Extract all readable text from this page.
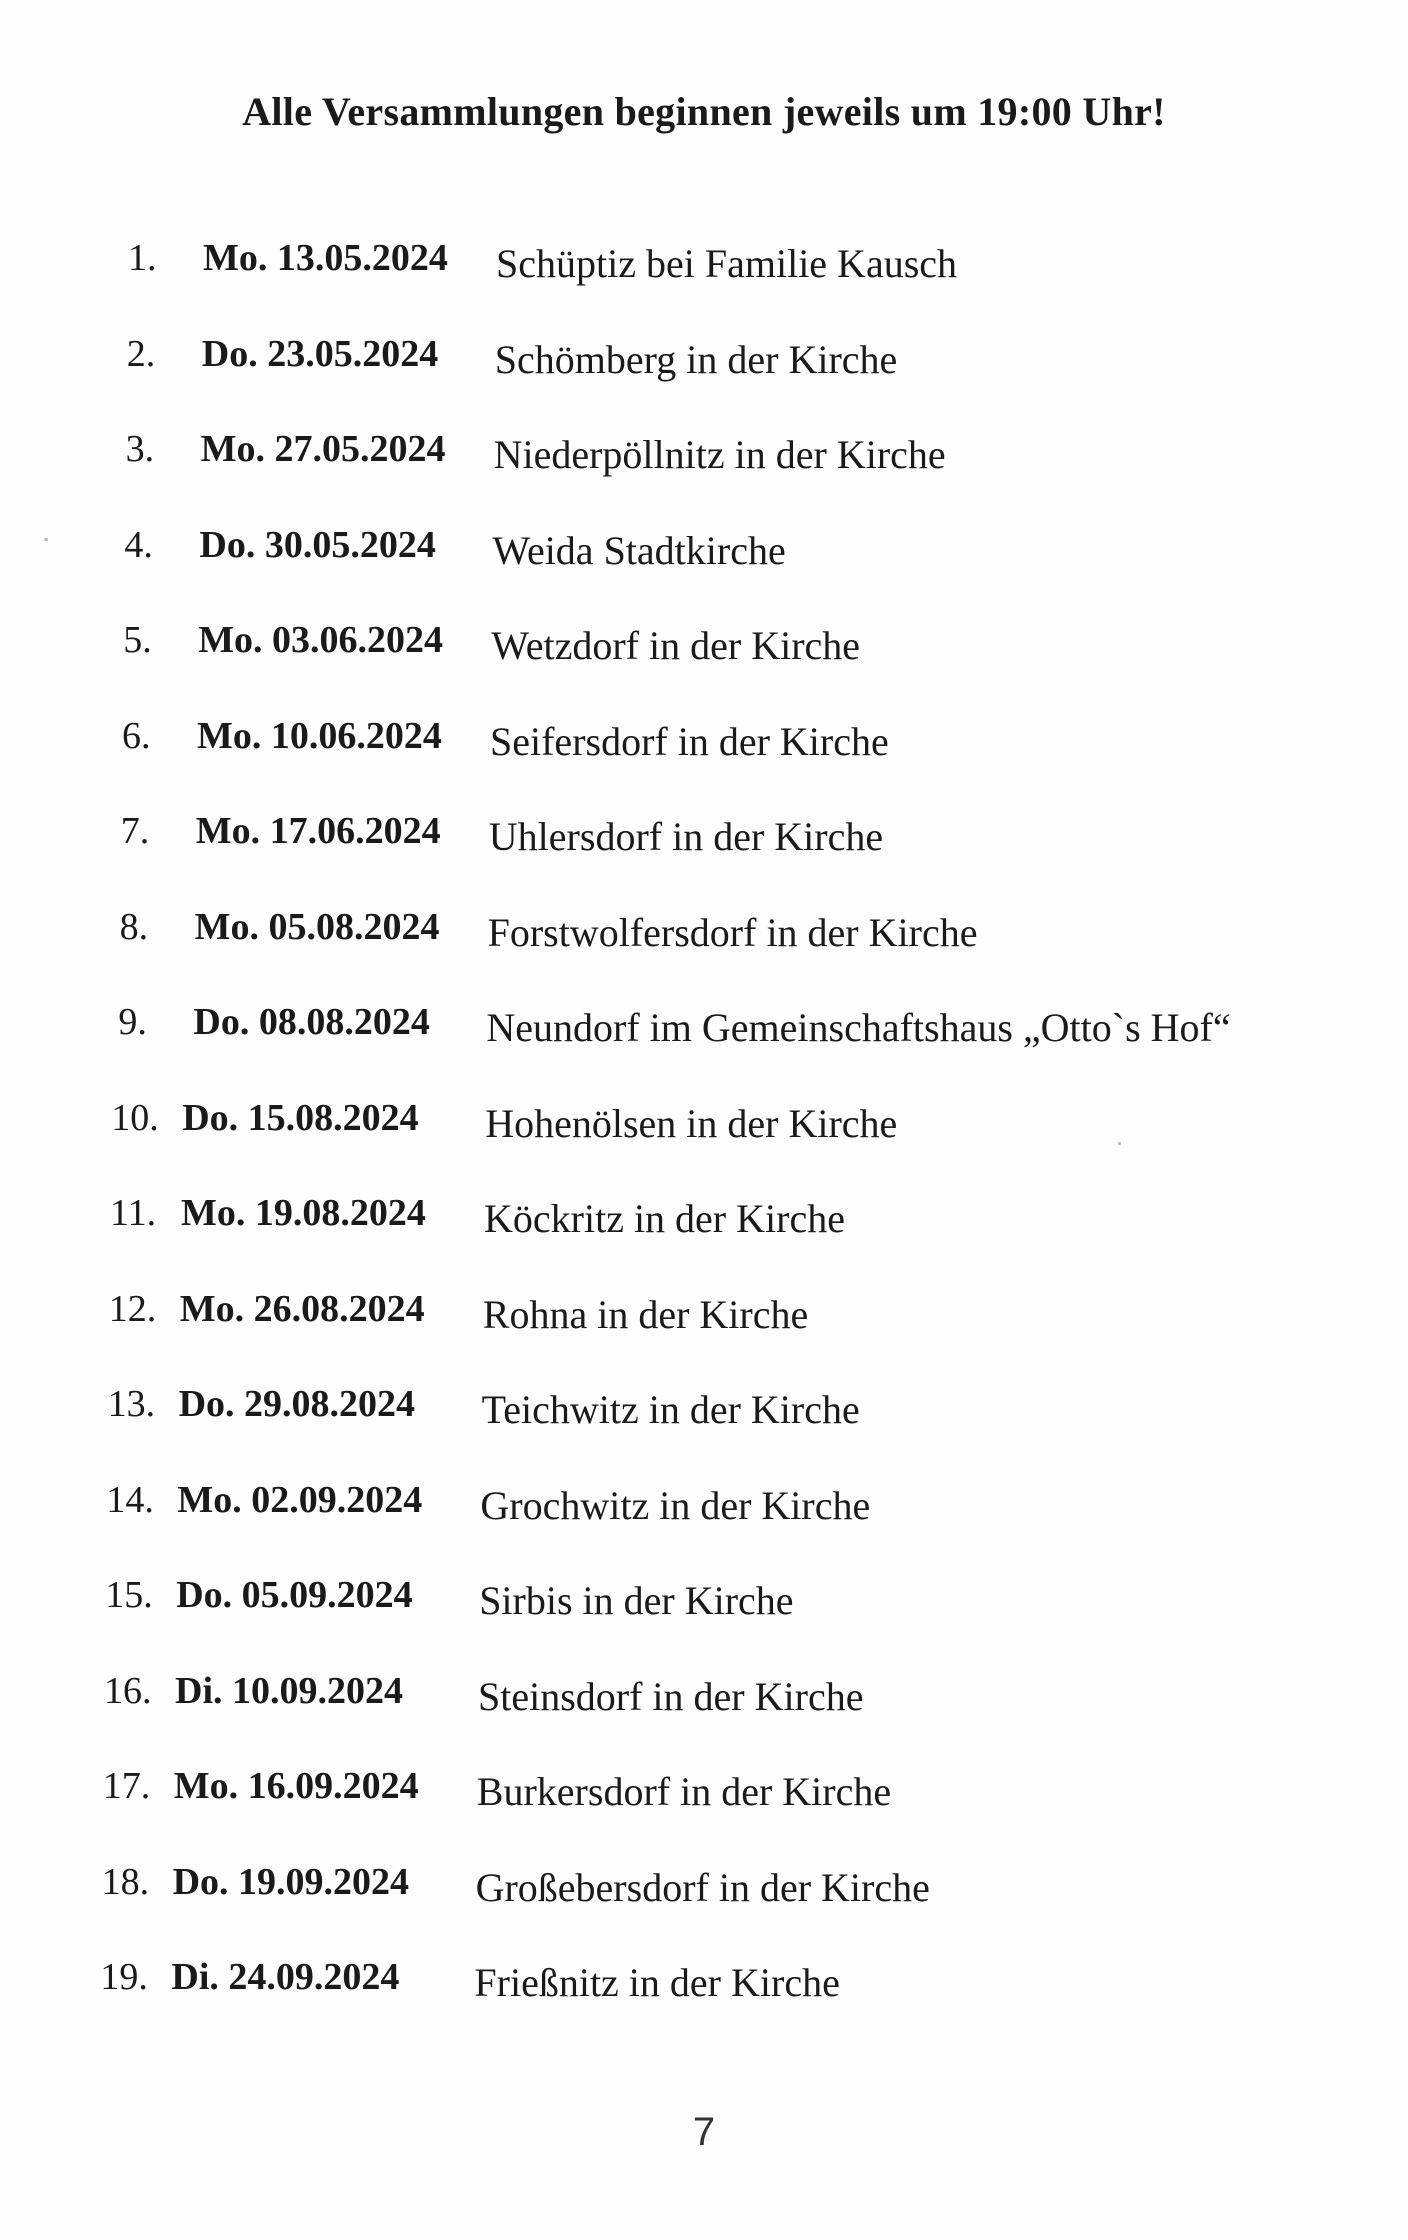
Alle Versammlungen beginnen jeweils um 19:00 Uhr!
1.	Mo. 13.05.2024 Schüptiz bei Familie Kausch
2.	Do. 23.05.2024 Schömberg in der Kirche
3.	Mo. 27.05.2024 Niederpöllnitz in der Kirche
4.	Do. 30.05.2024 Weida Stadtkirche
5.	Mo. 03.06.2024 Wetzdorf in der Kirche
6.	Mo. 10.06.2024 Seifersdorf in der Kirche
7.	Mo. 17.06.2024 Uhlersdorf in der Kirche
8.	Mo. 05.08.2024 Forstwolfersdorf in der Kirche
9.	Do. 08.08.2024 Neundorf im Gemeinschaftshaus „Otto`s Hof“
10. Do. 15.08.2024 Hohenölsen in der Kirche
11. Mo. 19.08.2024 Köckritz in der Kirche
12. Mo. 26.08.2024 Rohna in der Kirche
13. Do. 29.08.2024 Teichwitz in der Kirche
14. Mo. 02.09.2024 Grochwitz in der Kirche
15. Do. 05.09.2024 Sirbis in der Kirche
16. Di. 10.09.2024 Steinsdorf in der Kirche
17. Mo. 16.09.2024 Burkersdorf in der Kirche
18. Do. 19.09.2024 Großebersdorf in der Kirche
19. Di. 24.09.2024 Frießnitz in der Kirche
7
